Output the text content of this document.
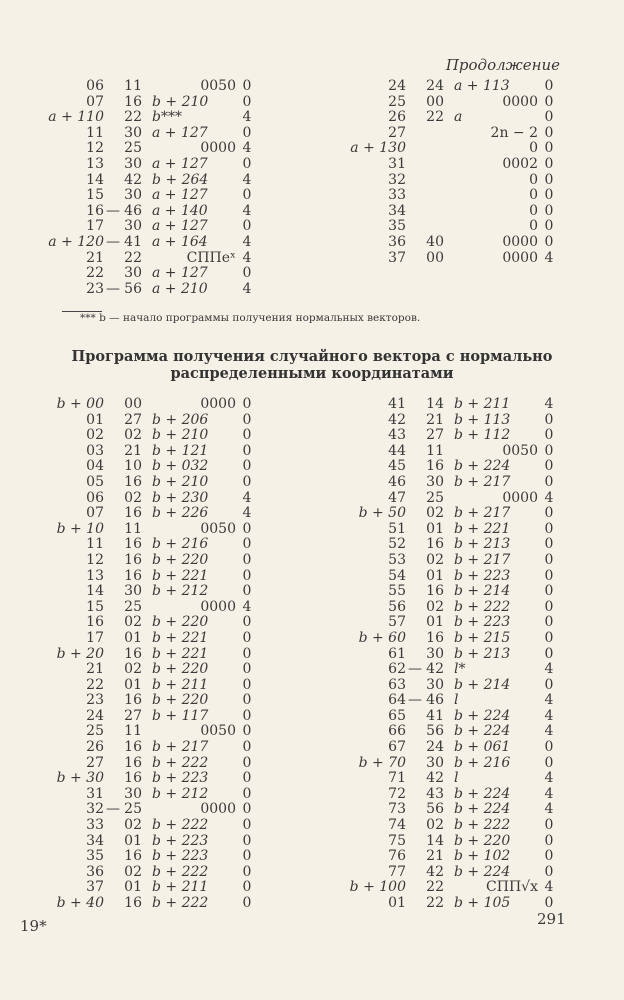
Продолжение
06 11	0050 0
07 16 b + 210	0
a + 110 22 b***	4
11 30 a + 127	0
12 25	0000 4
13 30 a + 127	0
14 42 b + 264	4
15 30 a + 127	0
16 — 46 a + 140	4
17 30 a + 127	0
a + 120 — 41 a + 164	4
21 22	СППeˣ 4
22 30 a + 127	0
23 — 56 a + 210	4
24 24 a + 113	0
25 00	0000 0
26 22 a	0
27	2n − 2 0
a + 130	0 0
31	0002 0
32	0 0
33	0 0
34	0 0
35	0 0
36 40	0000 0
37 00	0000 4
*** b — начало программы получения нормальных векторов.
Программа получения случайного вектора с нормально
распределенными координатами
b + 00 00	0000 0
01 27 b + 206	0
02 02 b + 210	0
03 21 b + 121	0
04 10 b + 032	0
05 16 b + 210	0
06 02 b + 230	4
07 16 b + 226	4
b + 10 11	0050 0
11 16 b + 216	0
12 16 b + 220	0
13 16 b + 221	0
14 30 b + 212	0
15 25	0000 4
16 02 b + 220	0
17 01 b + 221	0
b + 20 16 b + 221	0
21 02 b + 220	0
22 01 b + 211	0
23 16 b + 220	0
24 27 b + 117	0
25 11	0050 0
26 16 b + 217	0
27 16 b + 222	0
b + 30 16 b + 223	0
31 30 b + 212	0
32 — 25	0000 0
33 02 b + 222	0
34 01 b + 223	0
35 16 b + 223	0
36 02 b + 222	0
37 01 b + 211	0
b + 40 16 b + 222	0
41 14 b + 211	4
42 21 b + 113	0
43 27 b + 112	0
44 11	0050 0
45 16 b + 224	0
46 30 b + 217	0
47 25	0000 4
b + 50 02 b + 217	0
51 01 b + 221	0
52 16 b + 213	0
53 02 b + 217	0
54 01 b + 223	0
55 16 b + 214	0
56 02 b + 222	0
57 01 b + 223	0
b + 60 16 b + 215	0
61 30 b + 213	0
62 — 42 l*	4
63 30 b + 214	0
64 — 46 l	4
65 41 b + 224	4
66 56 b + 224	4
67 24 b + 061	0
b + 70 30 b + 216	0
71 42 l	4
72 43 b + 224	4
73 56 b + 224	4
74 02 b + 222	0
75 14 b + 220	0
76 21 b + 102	0
77 42 b + 224	0
b + 100 22	СПП√x 4
01 22 b + 105	0
19*	291
